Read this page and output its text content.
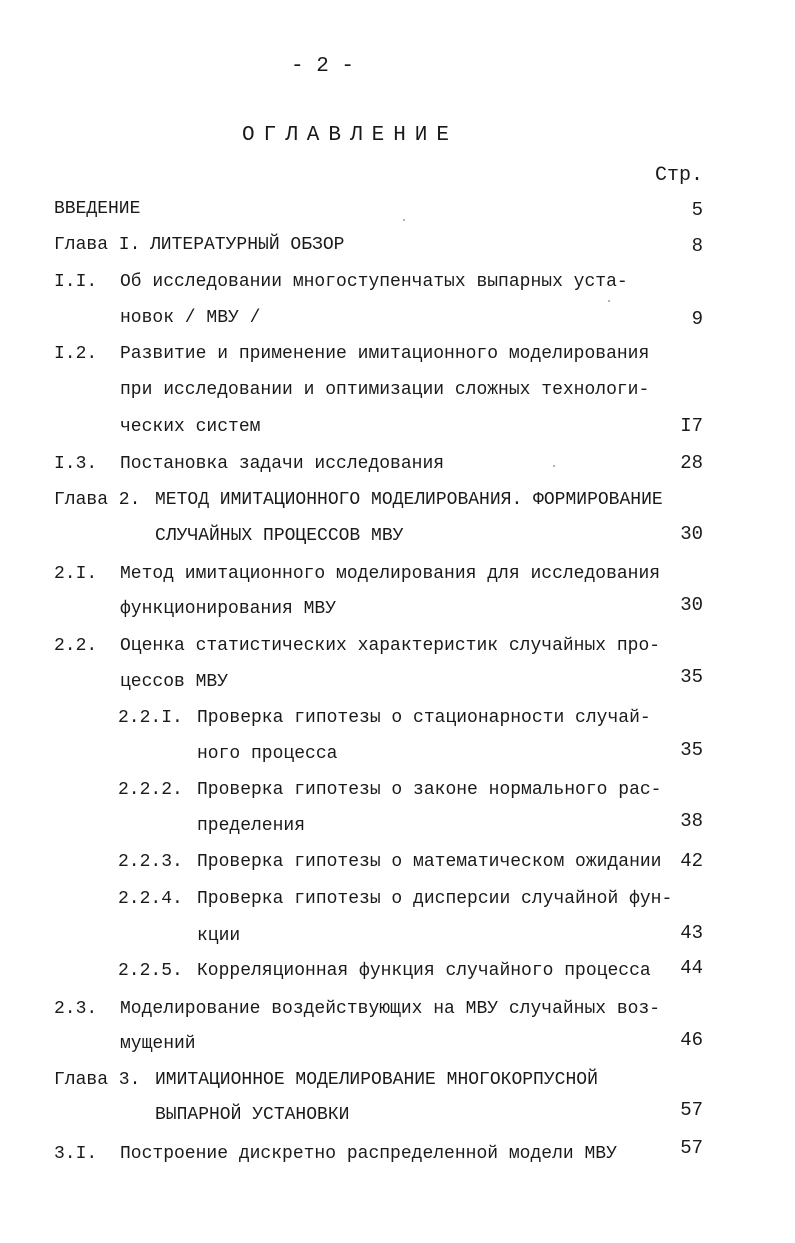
- 2 -
ОГЛАВЛЕНИЕ
Стр.
ВВЕДЕНИЕ	5
Глава I. ЛИТЕРАТУРНЫЙ ОБЗОР	8
I.I. Об исследовании многоступенчатых выпарных уста-
новок / МВУ /	9
I.2. Развитие и применение имитационного моделирования
при исследовании и оптимизации сложных технологи-
ческих систем	I7
I.3. Постановка задачи исследования	28
Глава 2. МЕТОД ИМИТАЦИОННОГО МОДЕЛИРОВАНИЯ. ФОРМИРОВАНИЕ
СЛУЧАЙНЫХ ПРОЦЕССОВ МВУ	30
2.I. Метод имитационного моделирования для исследования
функционирования МВУ	30
2.2. Оценка статистических характеристик случайных про-
цессов МВУ	35
2.2.I. Проверка гипотезы о стационарности случай-
ного процесса	35
2.2.2. Проверка гипотезы о законе нормального рас-
пределения	38
2.2.3. Проверка гипотезы о математическом ожидании 42
2.2.4. Проверка гипотезы о дисперсии случайной фун-
кции	43
2.2.5. Корреляционная функция случайного процесса 44
2.3. Моделирование воздействующих на МВУ случайных воз-
мущений	46
Глава 3. ИМИТАЦИОННОЕ МОДЕЛИРОВАНИЕ МНОГОКОРПУСНОЙ
ВЫПАРНОЙ УСТАНОВКИ	57
3.I. Построение дискретно распределенной модели МВУ	57
